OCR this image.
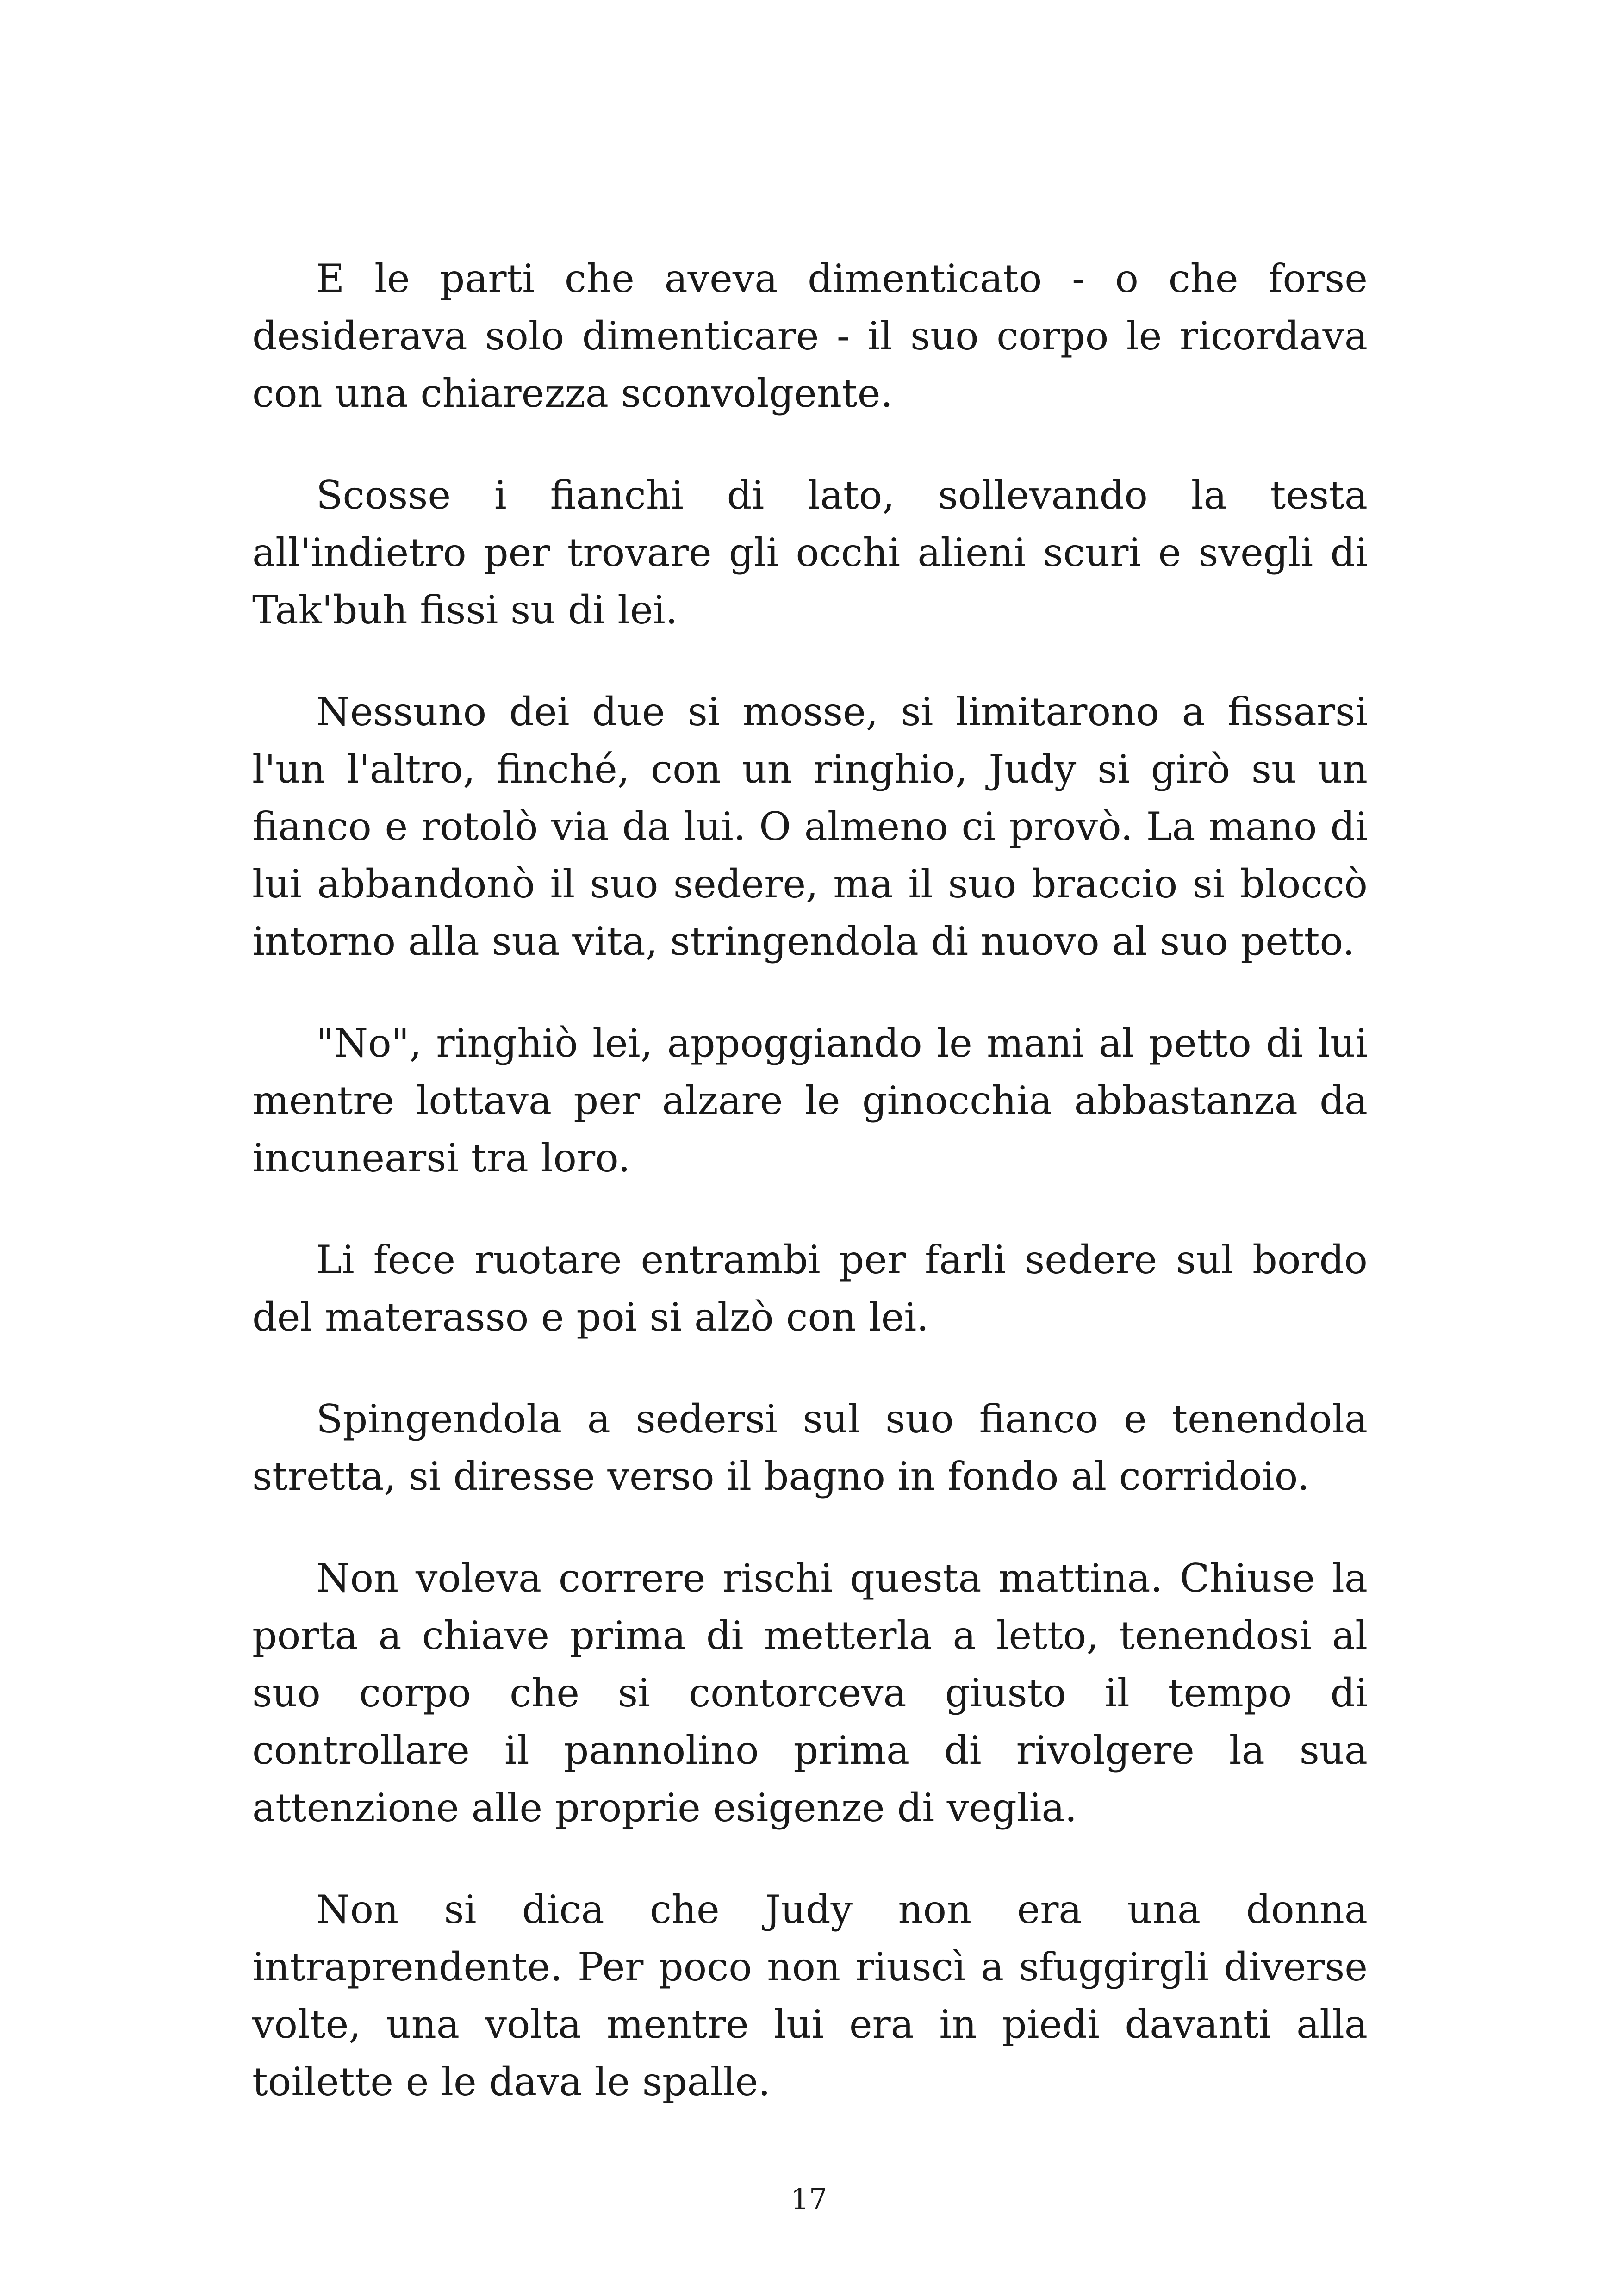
E le parti che aveva dimenticato - o che forse desiderava solo dimenticare - il suo corpo le ricordava con una chiarezza sconvolgente.

Scosse i fianchi di lato, sollevando la testa all'indietro per trovare gli occhi alieni scuri e svegli di Tak'buh fissi su di lei.

Nessuno dei due si mosse, si limitarono a fissarsi l'un l'altro, finché, con un ringhio, Judy si girò su un fianco e rotolò via da lui. O almeno ci provò. La mano di lui abbandonò il suo sedere, ma il suo braccio si bloccò intorno alla sua vita, stringendola di nuovo al suo petto.

"No", ringhiò lei, appoggiando le mani al petto di lui mentre lottava per alzare le ginocchia abbastanza da incunearsi tra loro.

Li fece ruotare entrambi per farli sedere sul bordo del materasso e poi si alzò con lei.

Spingendola a sedersi sul suo fianco e tenendola stretta, si diresse verso il bagno in fondo al corridoio.

Non voleva correre rischi questa mattina. Chiuse la porta a chiave prima di metterla a letto, tenendosi al suo corpo che si contorceva giusto il tempo di controllare il pannolino prima di rivolgere la sua attenzione alle proprie esigenze di veglia.

Non si dica che Judy non era una donna intraprendente. Per poco non riuscì a sfuggirgli diverse volte, una volta mentre lui era in piedi davanti alla toilette e le dava le spalle.

17
